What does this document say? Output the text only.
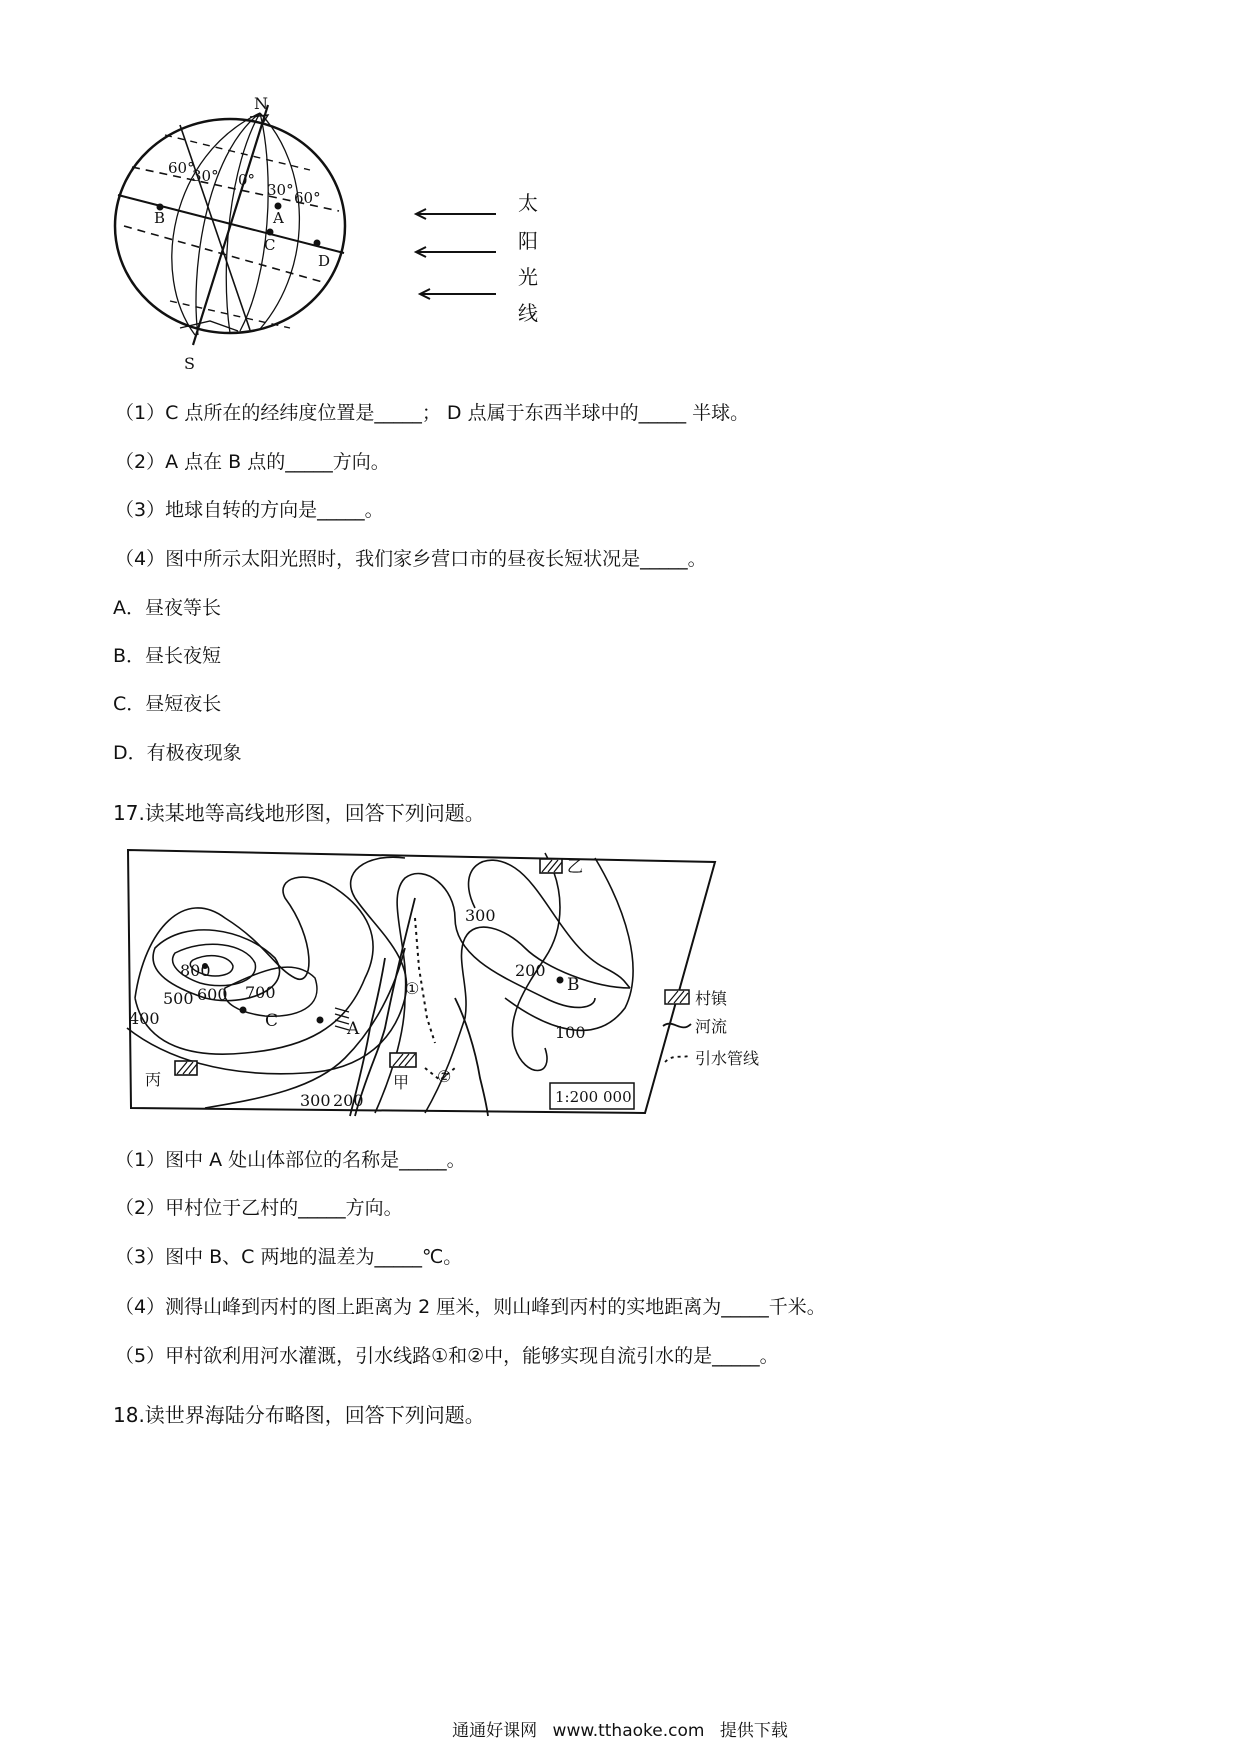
N
S
60°
30° 0°
30° 60°
A
B
C
D
太
阳
光
线
（1）C 点所在的经纬度位置是_____； D 点属于东西半球中的_____ 半球。
（2）A 点在 B 点的_____方向。
（3）地球自转的方向是_____。
（4）图中所示太阳光照时，我们家乡营口市的昼夜长短状况是_____。
A．昼夜等长
B．昼长夜短
C．昼短夜长
D．有极夜现象
17.读某地等高线地形图，回答下列问题。
1:200 000
800
700
600
500
400
300 200
300
200
100
A
B
C
甲
乙
丙
①
②
村镇
河流
引水管线
（1）图中 A 处山体部位的名称是_____。
（2）甲村位于乙村的_____方向。
（3）图中 B、C 两地的温差为_____℃。
（4）测得山峰到丙村的图上距离为 2 厘米，则山峰到丙村的实地距离为_____千米。
（5）甲村欲利用河水灌溉，引水线路①和②中，能够实现自流引水的是_____。
18.读世界海陆分布略图，回答下列问题。
通通好课网 www.tthaoke.com 提供下载
